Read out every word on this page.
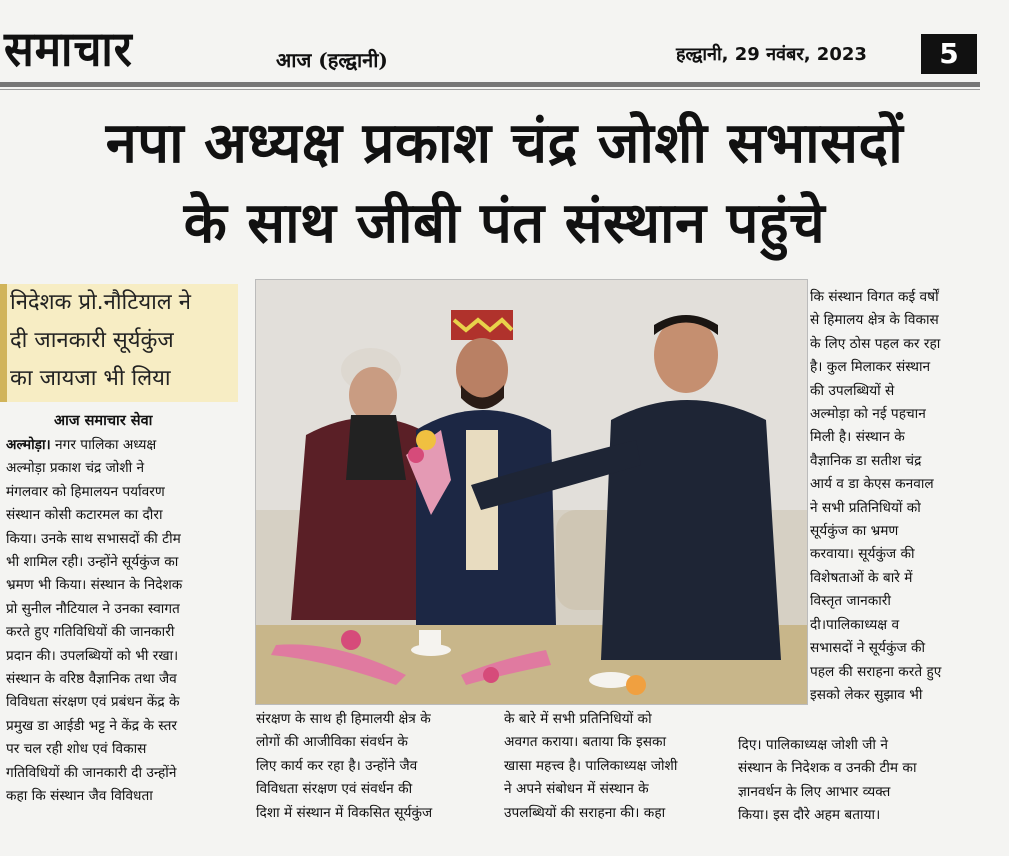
समाचार	आज (हल्द्वानी)	हल्द्वानी, 29 नवंबर, 2023	5
नपा अध्यक्ष प्रकाश चंद्र जोशी सभासदों
के साथ जीबी पंत संस्थान पहुंचे
निदेशक प्रो.नौटियाल ने
दी जानकारी सूर्यकुंज
का जायजा भी लिया
आज समाचार सेवा
अल्मोड़ा। नगर पालिका अध्यक्ष
अल्मोड़ा प्रकाश चंद्र जोशी ने
मंगलवार को हिमालयन पर्यावरण
संस्थान कोसी कटारमल का दौरा
किया। उनके साथ सभासदों की टीम
भी शामिल रही। उन्होंने सूर्यकुंज का
भ्रमण भी किया। संस्थान के निदेशक
प्रो सुनील नौटियाल ने उनका स्वागत
करते हुए गतिविधियों की जानकारी
प्रदान की। उपलब्धियों को भी रखा।
संस्थान के वरिष्ठ वैज्ञानिक तथा जैव
विविधता संरक्षण एवं प्रबंधन केंद्र के
प्रमुख डा आईडी भट्ट ने केंद्र के स्तर
पर चल रही शोध एवं विकास
गतिविधियों की जानकारी दी उन्होंने
कहा कि संस्थान जैव विविधता
संरक्षण के साथ ही हिमालयी क्षेत्र के
लोगों की आजीविका संवर्धन के
लिए कार्य कर रहा है। उन्होंने जैव
विविधता संरक्षण एवं संवर्धन की
दिशा में संस्थान में विकसित सूर्यकुंज
के बारे में सभी प्रतिनिधियों को
अवगत कराया। बताया कि इसका
खासा महत्त्व है। पालिकाध्यक्ष जोशी
ने अपने संबोधन में संस्थान के
उपलब्धियों की सराहना की। कहा
कि संस्थान विगत कई वर्षों
से हिमालय क्षेत्र के विकास
के लिए ठोस पहल कर रहा
है। कुल मिलाकर संस्थान
की उपलब्धियों से
अल्मोड़ा को नई पहचान
मिली है। संस्थान के
वैज्ञानिक डा सतीश चंद्र
आर्य व डा केएस कनवाल
ने सभी प्रतिनिधियों को
सूर्यकुंज का भ्रमण
करवाया। सूर्यकुंज की
विशेषताओं के बारे में
विस्तृत जानकारी
दी।पालिकाध्यक्ष व
सभासदों ने सूर्यकुंज की
पहल की सराहना करते हुए
इसको लेकर सुझाव भी
दिए। पालिकाध्यक्ष जोशी जी ने
संस्थान के निदेशक व उनकी टीम का
ज्ञानवर्धन के लिए आभार व्यक्त
किया। इस दौरे अहम बताया।
